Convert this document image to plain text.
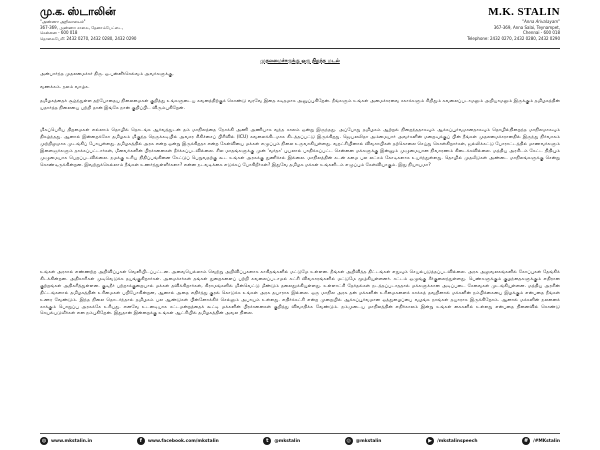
மு.க. ஸ்டாலின்
"அண்ணா அறிவாலயம்"
367-369, அண்ணா சாலை, தேனாம்பேட்டை,
சென்னை - 600 018
தொலைபேசி: 2432 0270, 2432 0280, 2432 0290
M.K. STALIN
"Anna Arivalayam"
367-369, Anna Salai, Teynampet,
Chennai - 600 018
Telephone: 2432 0270, 2432 0280, 2432 0290
முதலமைச்சருக்கு ஒரு திறந்த மடல்

அன்பார்ந்த முதலமைச்சர் திரு. ஓ.பன்னீர்செல்வம் அவர்களுக்கு,

வணக்கம். நலம் வாழ்க.

தமிழகத்தைச் சூழ்ந்துள்ள தற்போதைய நிலைமைகள் குறித்து உங்களுடைய கவனத்திற்குக் கொண்டு வரவே இதை கடிதமாக அனுப்புகிறேன். நீங்களும் உங்கள் அமைச்சரவை சகாக்களும் சிறிதும் கவலைப்படாமலும் அறியாமலும் இருக்கும் தமிழகத்தின் யதார்த்த நிலையை பற்றி தான் இங்கே நான் குறிப்பிட விரும்புகிறேன்.

மிகப்பெரிய திறமைகள் எல்லாம் தொழில் தொடங்க ஆர்வத்துடன் தம் மாநிலத்தை நோக்கி அணி அணியாக வந்த காலம் ஒன்று இருந்தது. அப்போது தமிழகம் ஆற்றல் நிறைந்ததாகவும் ஆக்கப்பூர்வமானதாகவும் தொழில்நிறைந்த மாநிலமாகவும் திகழ்ந்தது. ஆனால் இன்றைக்கோ தமிழகம் மிகுந்த நெருக்கடியில் அவசர சிகிச்சைப் பிரிவில் (ICU) கவலைக்கிடமாக கிடத்தப்பட்டு இருக்கிறது. ஜெயலலிதா அம்மையார் அவர்களின் மறைவுக்குப் பின் நீங்கள் முதலமைச்சரானதில் இருந்து நிர்வாகம் முற்றிலுமாக முடங்கிப் போயுள்ளது. தமிழகத்தில் அரசு என்ற ஒன்று இருக்கிறதா என்ற கேள்வியை மக்கள் எழுப்பும் நிலை உருவாகியுள்ளது. வறட்சியினால் விவசாயிகள் தற்கொலை செய்து கொள்கிறார்கள், ஜல்லிக்கட்டு போராட்டத்தில் மாணவர்களும் இளைஞர்களும் தாக்கப்பட்டார்கள், மீனவர்களின் பிரச்சனைகள் தீர்க்கப்படவில்லை. சில மாதங்களுக்கு முன் 'வர்தா' புயலால் பாதிக்கப்பட்ட சென்னை மக்களுக்கு இன்னும் முழுமையான நிவாரணம் கிடைக்கவில்லை. மத்திய அரசிடம் கேட்ட நிதியும் முழுமையாக பெறப்படவில்லை. நமக்கு உரிய நிதிப்பங்கினை கேட்டுப் பெறுவதற்கு கூட உங்கள் அரசுக்கு துணிச்சல் இல்லை. மாநிலத்தின் கடன் சுமை பல லட்சம் கோடிகளாக உயர்ந்துள்ளது. தொழில் முதலீடுகள் அண்டை மாநிலங்களுக்கு சென்று கொண்டிருக்கின்றன. இவற்றுக்கெல்லாம் நீங்கள் உணர்ந்துள்ளீர்களா? என்ன நடவடிக்கை எடுக்கப் போகிறீர்கள்? இதுவே தமிழக மக்கள் உங்களிடம் எழுப்பும் கேள்வியாகும். இது நியாயமா?

உங்கள் அரசால் எண்ணற்ற அறிவிப்புகள் வெளியிடப்பட்டன. அவையெல்லாம் வெற்று அறிவிப்புகளாக காகிதங்களில் மட்டுமே உள்ளன. நீங்கள் அறிவித்த திட்டங்கள் எதுவும் செயல்படுத்தப்படவில்லை. அரசு அலுவலகங்களில் கோப்புகள் தேங்கிக் கிடக்கின்றன. அதிகாரிகள் முடிவெடுக்க தயங்குகிறார்கள். அமைச்சர்கள் தங்கள் துறைகளைப் பற்றி கவலைப்படாமல் கட்சி விவகாரங்களில் மட்டுமே மூழ்கியுள்ளனர். சட்டம் ஒழுங்கு சீர்குலைந்துள்ளது. பெண்களுக்கும் குழந்தைகளுக்கும் எதிரான குற்றங்கள் அதிகரித்துள்ளன. குடிநீர் பற்றாக்குறையால் மக்கள் தவிக்கிறார்கள், கிராமங்களில் மின்வெட்டு மீண்டும் தலைதூக்கியுள்ளது. உள்ளாட்சி தேர்தல்கள் நடத்தப்படாததால் மக்களுக்கான அடிப்படை சேவைகள் முடங்கியுள்ளன. மத்திய அரசின் திட்டங்களால் தமிழகத்தின் உரிமைகள் பறிபோகின்றன, ஆனால் அதை எதிர்த்து குரல் கொடுக்க உங்கள் அரசு தயாராக இல்லை. ஒரு மாநில அரசு தன் மக்களின் உரிமைகளைக் காக்கத் தவறினால் மக்களின் நம்பிக்கையை இழக்கும் என்பதை நீங்கள் உணர வேண்டும். இந்த நிலை தொடர்ந்தால் தமிழகம் பல ஆண்டுகள் பின்னோக்கிச் செல்லும் அபாயம் உள்ளது. எதிர்க்கட்சி என்ற முறையில் ஆக்கப்பூர்வமான ஒத்துழைப்பை வழங்க நாங்கள் தயாராக இருக்கிறோம். ஆனால் மக்களின் நலனைக் காக்கும் பொறுப்பு அரசுக்கே உரியது. எனவே உடனடியாக சட்டமன்றத்தைக் கூட்டி மக்களின் பிரச்சனைகள் குறித்து விவாதிக்க வேண்டும். நம்முடைய மாநிலத்தின் எதிர்காலம் இன்று உங்கள் கைகளில் உள்ளது என்பதை நினைவில் கொண்டு செயல்படுவீர்கள் என நம்புகிறேன். இதுதான் இன்றைக்கு உங்கள் ஆட்சியில் தமிழகத்தின் அவல நிலை.

◍	www.mkstalin.in	f	www.facebook.com/mkstalin	t	@mkstalin	◎	@mkstalin	▶	/mkstalinspeech	#	/#MKstalin
